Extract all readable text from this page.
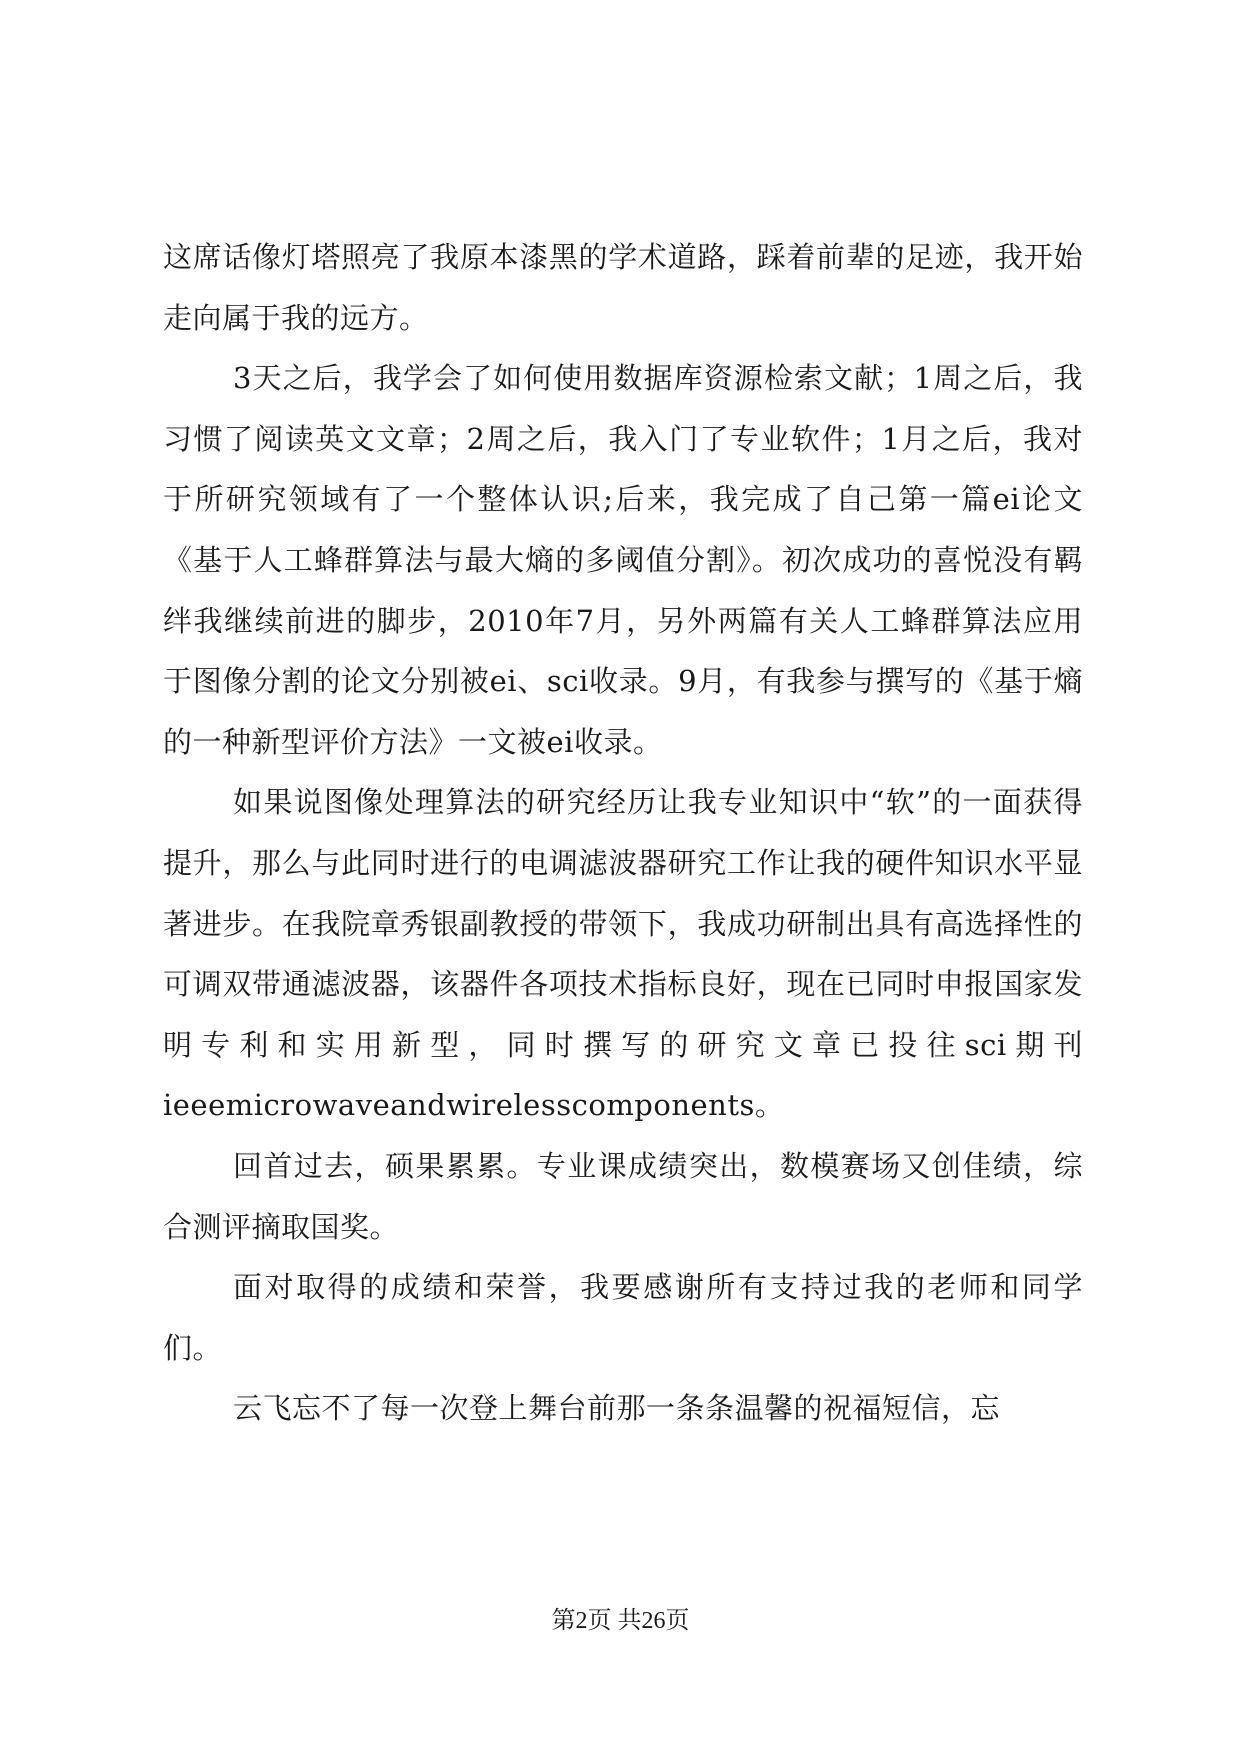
这席话像灯塔照亮了我原本漆黑的学术道路，踩着前辈的足迹，我开始走向属于我的远方。

3天之后，我学会了如何使用数据库资源检索文献；1周之后，我习惯了阅读英文文章；2周之后，我入门了专业软件；1月之后，我对于所研究领域有了一个整体认识;后来，我完成了自己第一篇ei论文《基于人工蜂群算法与最大熵的多阈值分割》。初次成功的喜悦没有羁绊我继续前进的脚步，2010年7月，另外两篇有关人工蜂群算法应用于图像分割的论文分别被ei、sci收录。9月，有我参与撰写的《基于熵的一种新型评价方法》一文被ei收录。

如果说图像处理算法的研究经历让我专业知识中“软”的一面获得提升，那么与此同时进行的电调滤波器研究工作让我的硬件知识水平显著进步。在我院章秀银副教授的带领下，我成功研制出具有高选择性的可调双带通滤波器，该器件各项技术指标良好，现在已同时申报国家发明专利和实用新型，同时撰写的研究文章已投往sci期刊ieeemicrowaveandwirelesscomponents。

回首过去，硕果累累。专业课成绩突出，数模赛场又创佳绩，综合测评摘取国奖。

面对取得的成绩和荣誉，我要感谢所有支持过我的老师和同学们。

云飞忘不了每一次登上舞台前那一条条温馨的祝福短信，忘

第2页 共26页
